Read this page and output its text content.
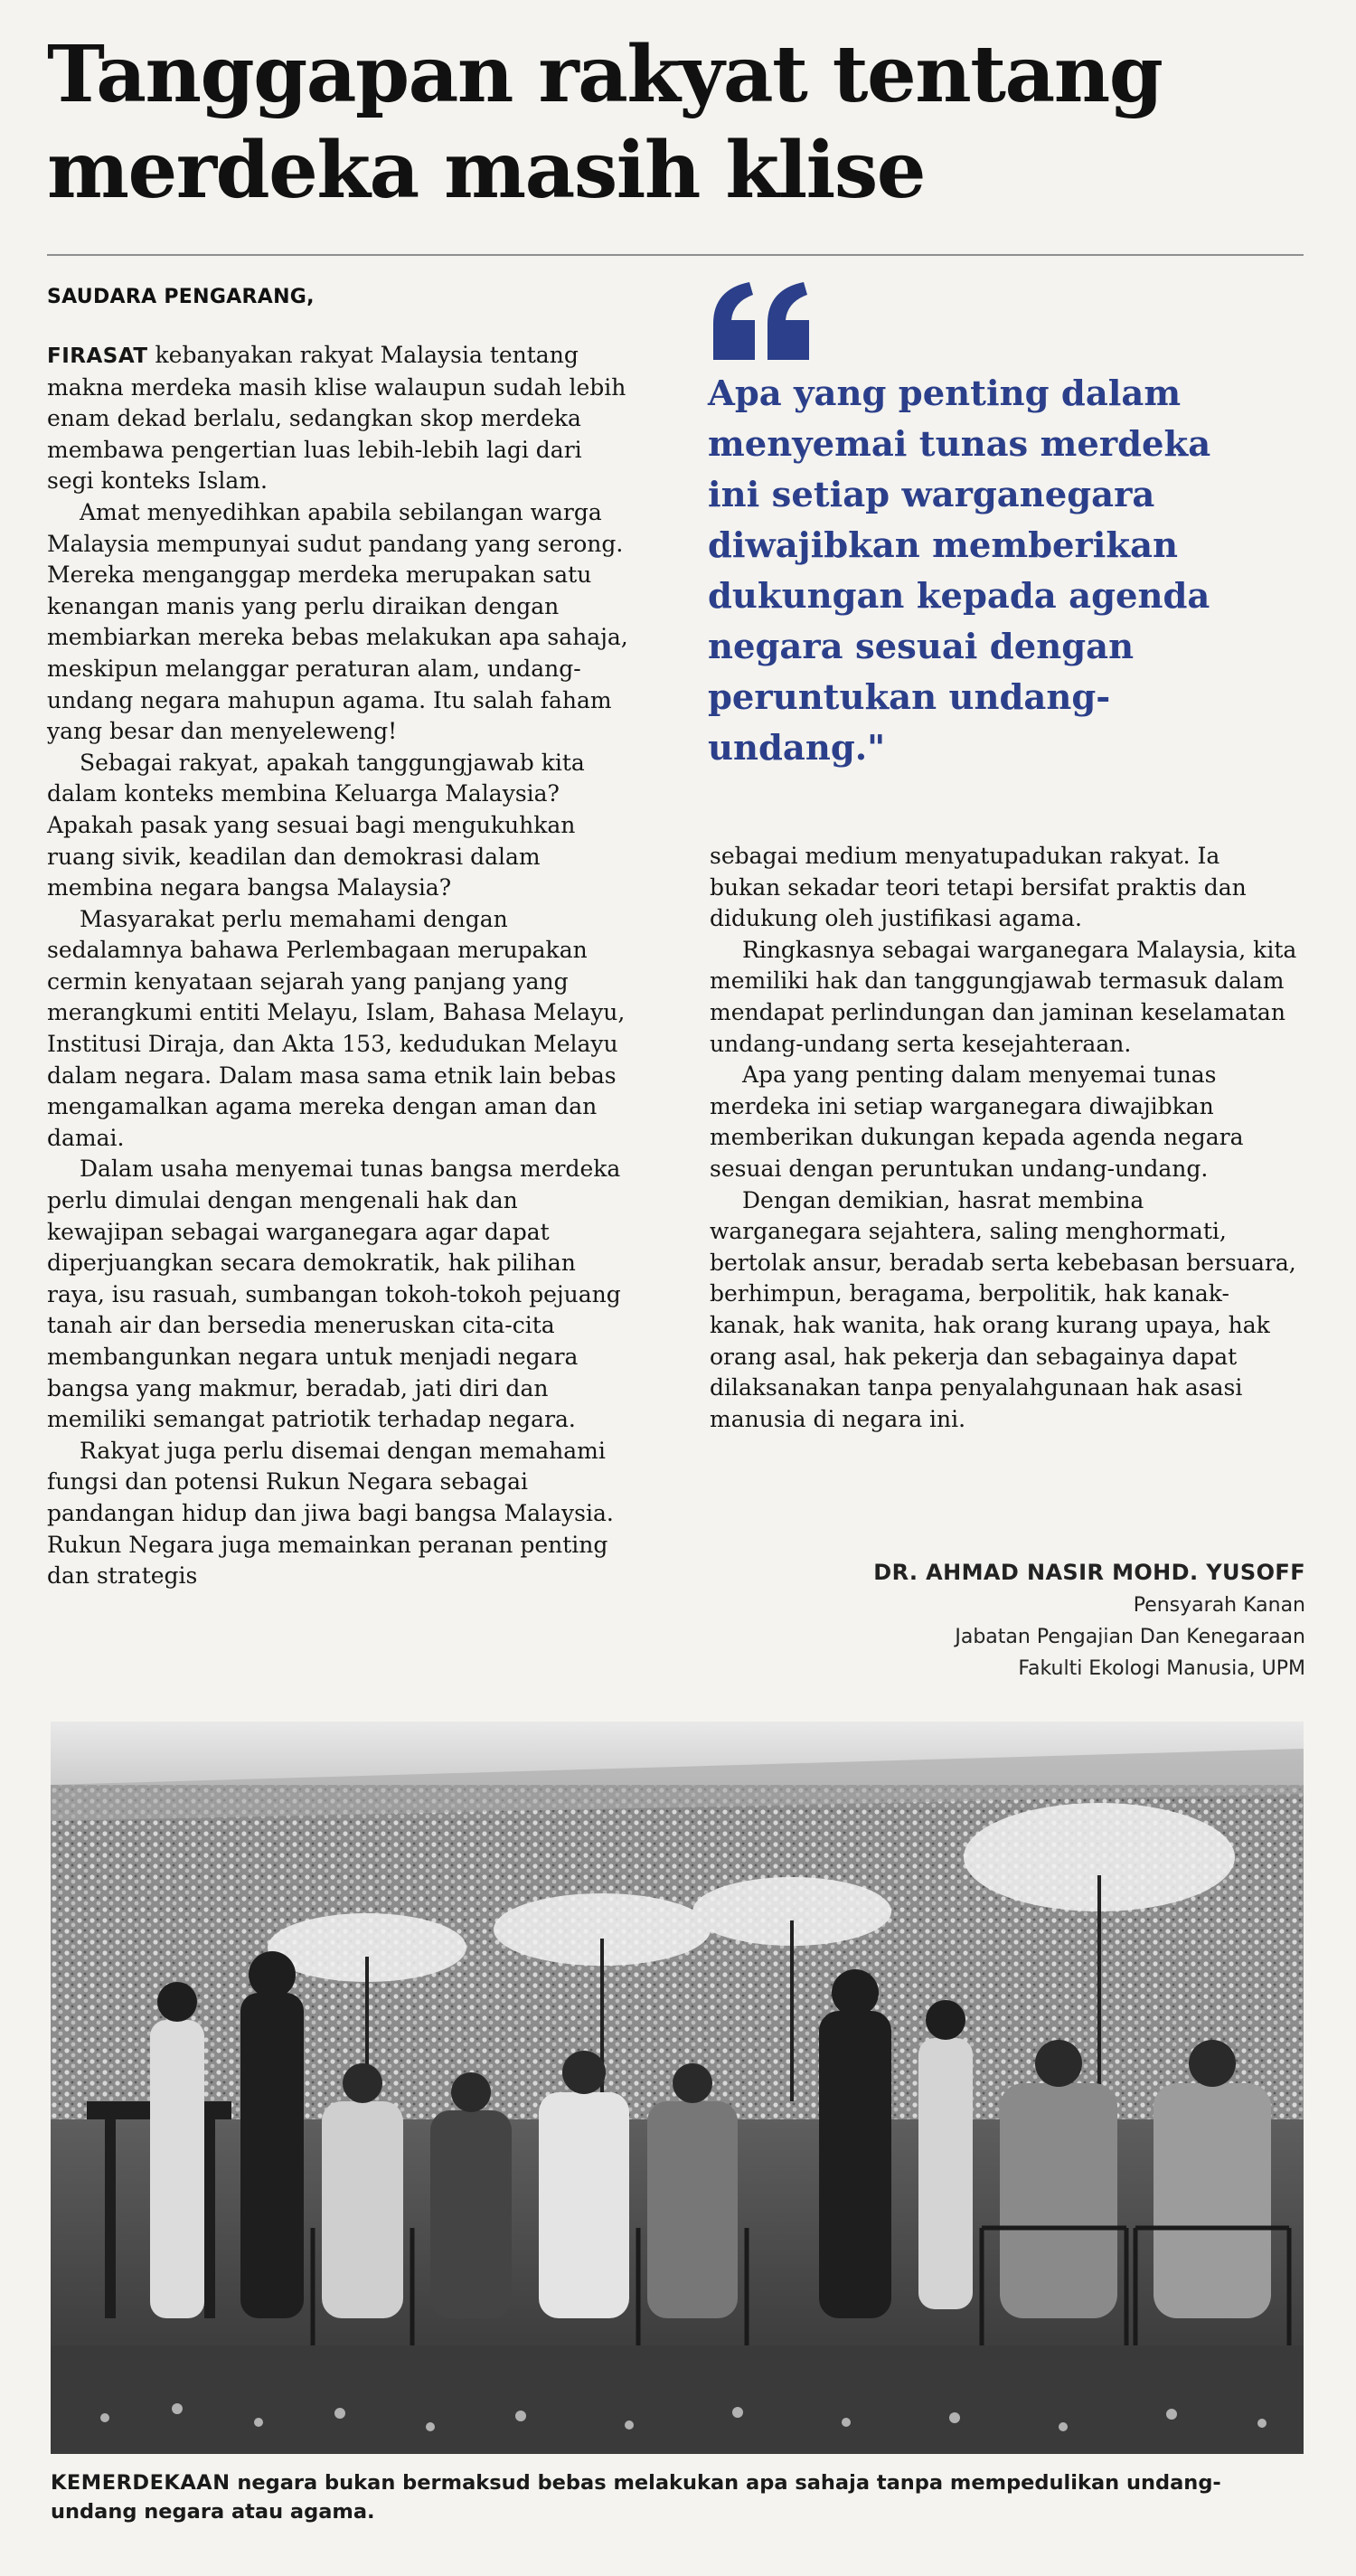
Tanggapan rakyat tentang
merdeka masih klise
SAUDARA PENGARANG,

FIRASAT kebanyakan rakyat Malaysia tentang makna merdeka masih klise walaupun sudah lebih enam dekad berlalu, sedangkan skop merdeka membawa pengertian luas lebih-lebih lagi dari segi konteks Islam.

Amat menyedihkan apabila sebilangan warga Malaysia mempunyai sudut pandang yang serong. Mereka menganggap merdeka merupakan satu kenangan manis yang perlu diraikan dengan membiarkan mereka bebas melakukan apa sahaja, meskipun melanggar peraturan alam, undang-undang negara mahupun agama. Itu salah faham yang besar dan menyeleweng!

Sebagai rakyat, apakah tanggungjawab kita dalam konteks membina Keluarga Malaysia? Apakah pasak yang sesuai bagi mengukuhkan ruang sivik, keadilan dan demokrasi dalam membina negara bangsa Malaysia?

Masyarakat perlu memahami dengan sedalamnya bahawa Perlembagaan merupakan cermin kenyataan sejarah yang panjang yang merangkumi entiti Melayu, Islam, Bahasa Melayu, Institusi Diraja, dan Akta 153, kedudukan Melayu dalam negara. Dalam masa sama etnik lain bebas mengamalkan agama mereka dengan aman dan damai.

Dalam usaha menyemai tunas bangsa merdeka perlu dimulai dengan mengenali hak dan kewajipan sebagai warganegara agar dapat diperjuangkan secara demokratik, hak pilihan raya, isu rasuah, sumbangan tokoh-tokoh pejuang tanah air dan bersedia meneruskan cita-cita membangunkan negara untuk menjadi negara bangsa yang makmur, beradab, jati diri dan memiliki semangat patriotik terhadap negara.

Rakyat juga perlu disemai dengan memahami fungsi dan potensi Rukun Negara sebagai pandangan hidup dan jiwa bagi bangsa Malaysia. Rukun Negara juga memainkan peranan penting dan strategis

Apa yang penting dalam menyemai tunas merdeka ini setiap warganegara diwajibkan memberikan dukungan kepada agenda negara sesuai dengan peruntukan undang-undang."

sebagai medium menyatupadukan rakyat. Ia bukan sekadar teori tetapi bersifat praktis dan didukung oleh justifikasi agama.

Ringkasnya sebagai warganegara Malaysia, kita memiliki hak dan tanggungjawab termasuk dalam mendapat perlindungan dan jaminan keselamatan undang-undang serta kesejahteraan.

Apa yang penting dalam menyemai tunas merdeka ini setiap warganegara diwajibkan memberikan dukungan kepada agenda negara sesuai dengan peruntukan undang-undang.

Dengan demikian, hasrat membina warganegara sejahtera, saling menghormati, bertolak ansur, beradab serta kebebasan bersuara, berhimpun, beragama, berpolitik, hak kanak-kanak, hak wanita, hak orang kurang upaya, hak orang asal, hak pekerja dan sebagainya dapat dilaksanakan tanpa penyalahgunaan hak asasi manusia di negara ini.

DR. AHMAD NASIR MOHD. YUSOFF
Pensyarah Kanan
Jabatan Pengajian Dan Kenegaraan
Fakulti Ekologi Manusia, UPM
KEMERDEKAAN negara bukan bermaksud bebas melakukan apa sahaja tanpa mempedulikan undang-undang negara atau agama.
